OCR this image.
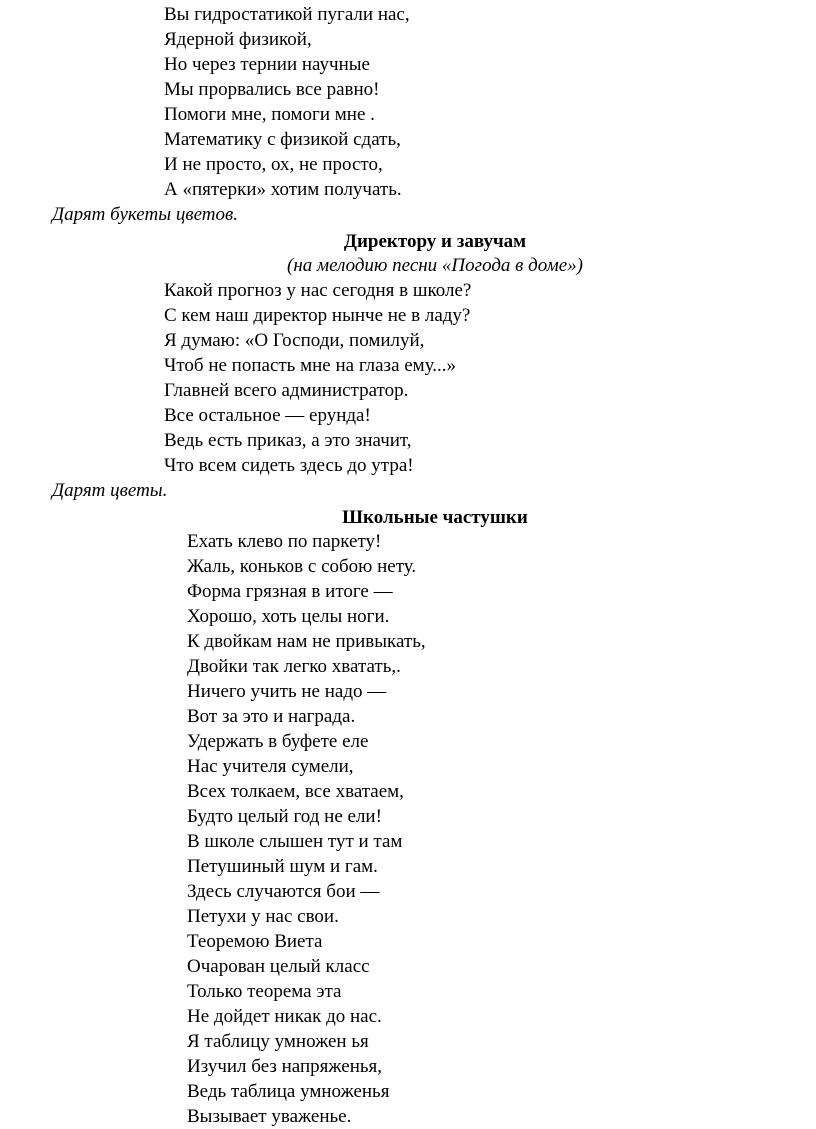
Вы гидростатикой пугали нас,
Ядерной физикой,
Но через тернии научные
Мы прорвались все равно!
Помоги мне, помоги мне .
Математику с физикой сдать,
И не просто, ох, не просто,
А «пятерки» хотим получать.
Дарят букеты цветов.
Директору и завучам
(на мелодию песни «Погода в доме»)
Какой прогноз у нас сегодня в школе?
С кем наш директор нынче не в ладу?
Я думаю: «О Господи, помилуй,
Чтоб не попасть мне на глаза ему...»
Главней всего администратор.
Все остальное — ерунда!
Ведь есть приказ, а это значит,
Что всем сидеть здесь до утра!
Дарят цветы.
Школьные частушки
Ехать клево по паркету!
Жаль, коньков с собою нету.
Форма грязная в итоге —
Хорошо, хоть целы ноги.
К двойкам нам не привыкать,
Двойки так легко хватать,.
Ничего учить не надо —
Вот за это и награда.
Удержать в буфете еле
Нас учителя сумели,
Всех толкаем, все хватаем,
Будто целый год не ели!
В школе слышен тут и там
Петушиный шум и гам.
Здесь случаются бои —
Петухи у нас свои.
Теоремою Виета
Очарован целый класс
Только теорема эта
Не дойдет никак до нас.
Я таблицу умножен ья
Изучил без напряженья,
Ведь таблица умноженья
Вызывает уваженье.
